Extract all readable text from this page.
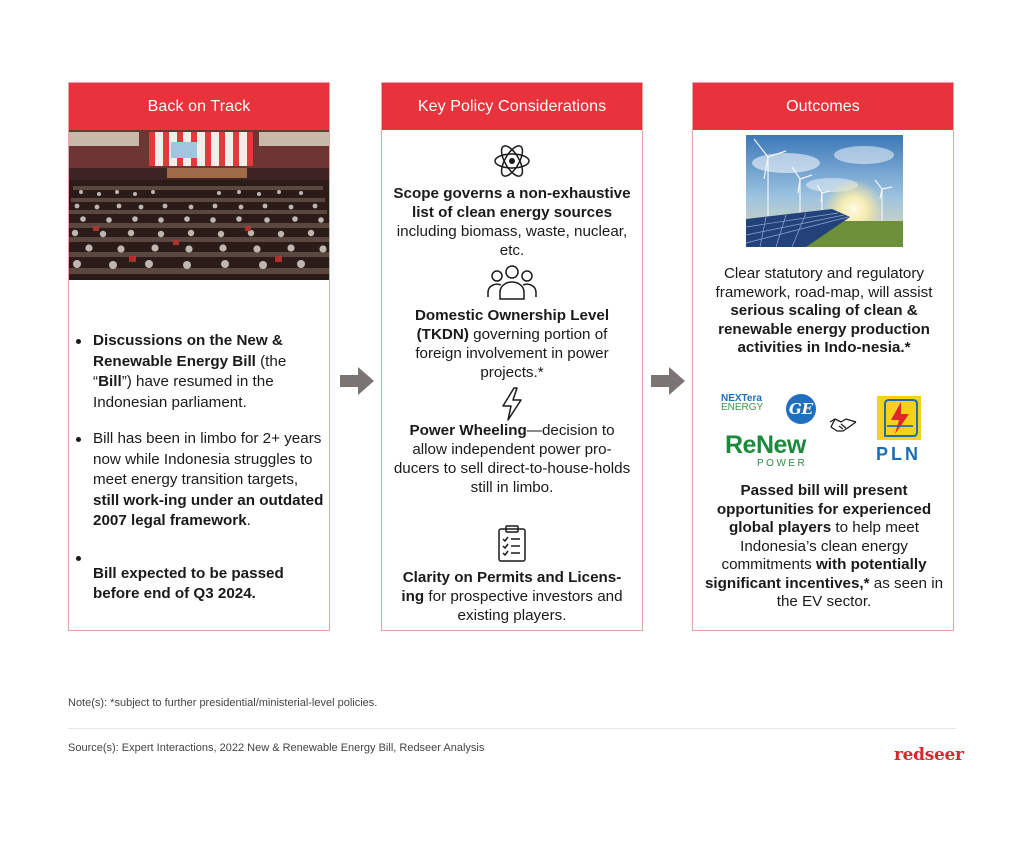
Back on Track
Discussions on the New & Renewable Energy Bill (the “Bill”) have resumed in the Indonesian parliament.
Bill has been in limbo for 2+ years now while Indonesia struggles to meet energy transition targets, still work-ing under an outdated 2007 legal framework.
Bill expected to be passed before end of Q3 2024.
Key Policy Considerations
Scope governs a non-exhaustive list of clean energy sources including biomass, waste, nuclear, etc.
Domestic Ownership Level (TKDN) governing portion of foreign involvement in power projects.*
Power Wheeling—decision to allow independent power pro-ducers to sell direct-to-house-holds still in limbo.
Clarity on Permits and Licens-ing for prospective investors and existing players.
Outcomes
Clear statutory and regulatory framework, road-map, will assist serious scaling of clean & renewable energy production activities in Indo-nesia.*
NEXTera
ENERGY GE
ReNew
POWER	PLN
Passed bill will present opportunities for experienced global players to help meet Indonesia’s clean energy commitments with potentially significant incentives,* as seen in the EV sector.
Note(s): *subject to further presidential/ministerial-level policies.
Source(s): Expert Interactions, 2022 New & Renewable Energy Bill, Redseer Analysis	redseer
